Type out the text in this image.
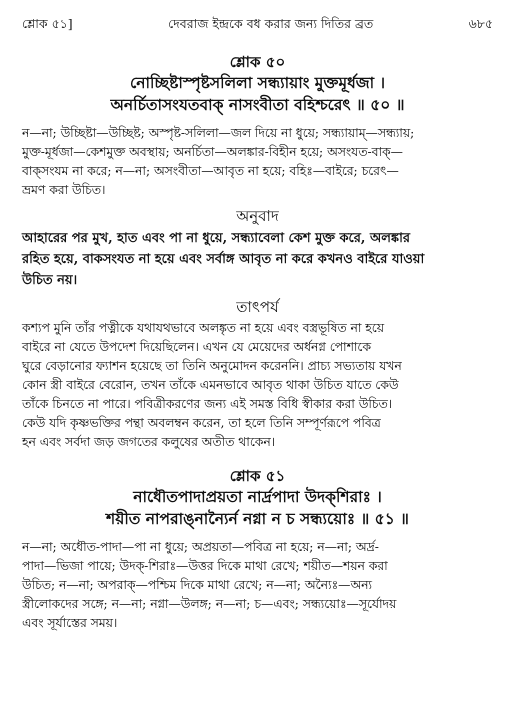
শ্লোক ৫১]	দেবরাজ ইন্দ্রকে বধ করার জন্য দিতির ব্রত	৬৮৫

শ্লোক ৫০

নোচ্ছিষ্টাস্পৃষ্টসলিলা সন্ধ্যায়াং মুক্তমূর্ধজা ।

অনর্চিতাসংযতবাক্ নাসংবীতা বহিশ্চরেৎ ॥ ৫০ ॥

ন—না; উচ্ছিষ্টা—উচ্ছিষ্ট; অস্পৃষ্ট-সলিলা—জল দিয়ে না ধুয়ে; সন্ধ্যায়াম্—সন্ধ্যায়;

মুক্ত-মূর্ধজা—কেশমুক্ত অবস্থায়; অনর্চিতা—অলঙ্কার-বিহীন হয়ে; অসংযত-বাক্—

বাক্‌সংযম না করে; ন—না; অসংবীতা—আবৃত না হয়ে; বহিঃ—বাইরে; চরেৎ—

ভ্রমণ করা উচিত।

অনুবাদ

আহারের পর মুখ, হাত এবং পা না ধুয়ে, সন্ধ্যাবেলা কেশ মুক্ত করে, অলঙ্কার

রহিত হয়ে, বাকসংযত না হয়ে এবং সর্বাঙ্গ আবৃত না করে কখনও বাইরে যাওয়া

উচিত নয়।

তাৎপর্য

কশ্যপ মুনি তাঁর পত্নীকে যথাযথভাবে অলঙ্কৃত না হয়ে এবং বস্ত্রভূষিত না হয়ে

বাইরে না যেতে উপদেশ দিয়েছিলেন। এখন যে মেয়েদের অর্ধনগ্ন পোশাকে

ঘুরে বেড়ানোর ফ্যাশন হয়েছে তা তিনি অনুমোদন করেননি। প্রাচ্য সভ্যতায় যখন

কোন স্ত্রী বাইরে বেরোন, তখন তাঁকে এমনভাবে আবৃত থাকা উচিত যাতে কেউ

তাঁকে চিনতে না পারে। পবিত্রীকরণের জন্য এই সমস্ত বিধি স্বীকার করা উচিত।

কেউ যদি কৃষ্ণভক্তির পন্থা অবলম্বন করেন, তা হলে তিনি সম্পূর্ণরূপে পবিত্র

হন এবং সর্বদা জড় জগতের কলুষের অতীত থাকেন।

শ্লোক ৫১

নাধৌতপাদাপ্রয়তা নার্দ্রপাদা উদক্‌শিরাঃ ।

শয়ীত নাপরাঙ্নান্যৈর্ন নগ্না ন চ সন্ধ্যয়োঃ ॥ ৫১ ॥

ন—না; অধৌত-পাদা—পা না ধুয়ে; অপ্রয়তা—পবিত্র না হয়ে; ন—না; অর্দ্র-

পাদা—ভিজা পায়ে; উদক্-শিরাঃ—উত্তর দিকে মাথা রেখে; শয়ীত—শয়ন করা

উচিত; ন—না; অপরাক্—পশ্চিম দিকে মাথা রেখে; ন—না; অন্যৈঃ—অন্য

স্ত্রীলোকদের সঙ্গে; ন—না; নগ্না—উলঙ্গ; ন—না; চ—এবং; সন্ধ্যয়োঃ—সূর্যোদয়

এবং সূর্যাস্তের সময়।
